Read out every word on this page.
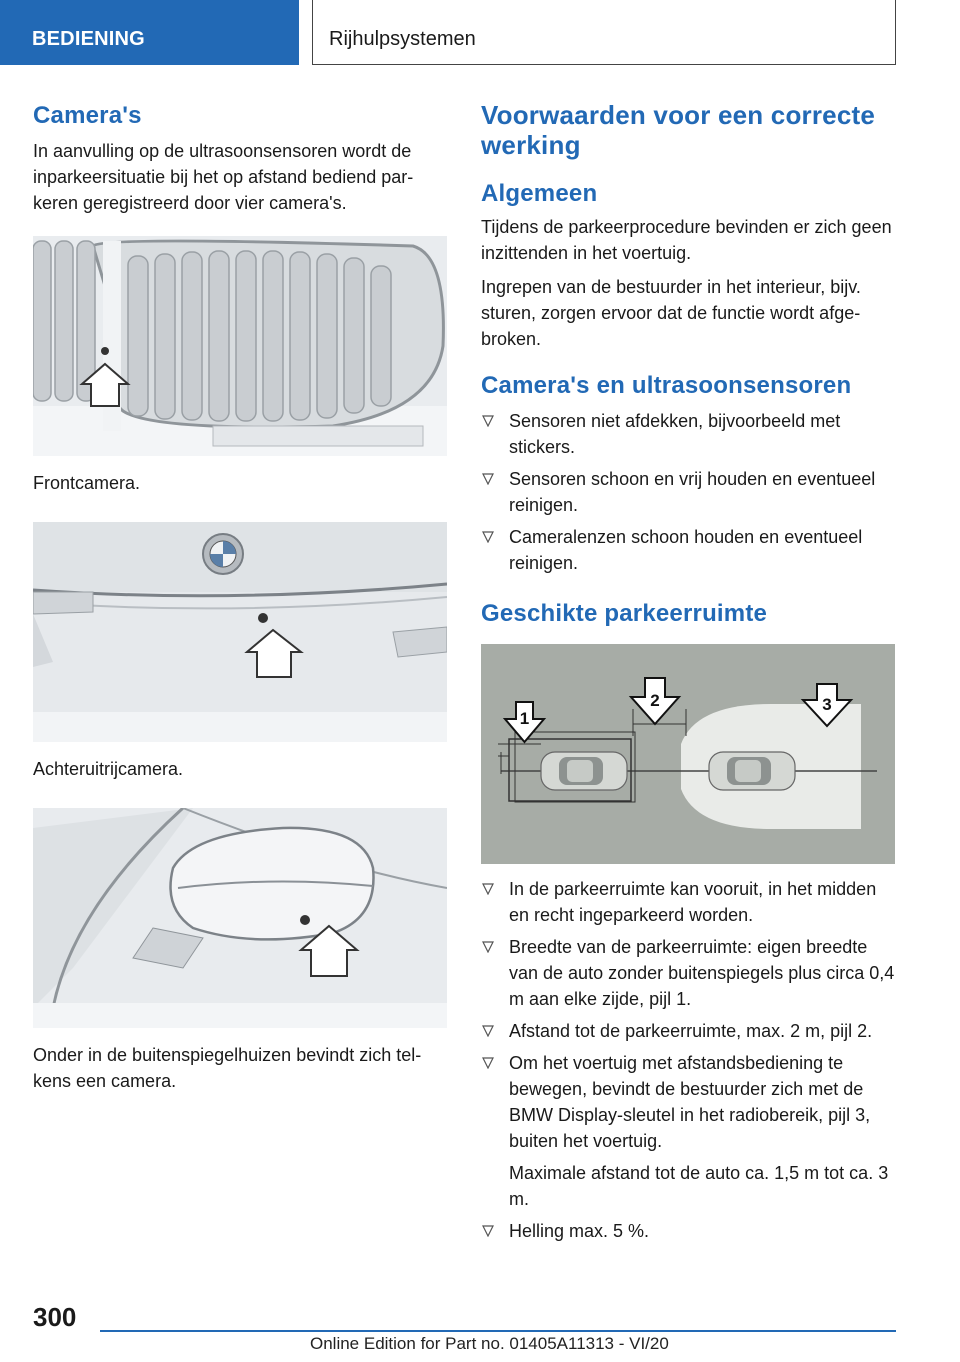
BEDIENING	Rijhulpsystemen
Camera's

In aanvulling op de ultrasoonsensoren wordt de inparkeersituatie bij het op afstand bediend parkeren geregistreerd door vier camera's.

Frontcamera.

Achteruitrijcamera.

Onder in de buitenspiegelhuizen bevindt zich telkens een camera.

Voorwaarden voor een correcte werking
Algemeen

Tijdens de parkeerprocedure bevinden er zich geen inzittenden in het voertuig.

Ingrepen van de bestuurder in het interieur, bijv. sturen, zorgen ervoor dat de functie wordt afgebroken.

Camera's en ultrasoonsensoren
Sensoren niet afdekken, bijvoorbeeld met stickers.
Sensoren schoon en vrij houden en eventueel reinigen.
Cameralenzen schoon houden en eventueel reinigen.
Geschikte parkeerruimte
1
2	3
In de parkeerruimte kan vooruit, in het midden en recht ingeparkeerd worden.
Breedte van de parkeerruimte: eigen breedte van de auto zonder buitenspiegels plus circa 0,4 m aan elke zijde, pijl 1.
Afstand tot de parkeerruimte, max. 2 m, pijl 2.
Om het voertuig met afstandsbediening te bewegen, bevindt de bestuurder zich met de BMW Display-sleutel in het radiobereik, pijl 3, buiten het voertuig.

Maximale afstand tot de auto ca. 1,5 m tot ca. 3 m.

Helling max. 5 %.
300
Online Edition for Part no. 01405A11313 - VI/20
